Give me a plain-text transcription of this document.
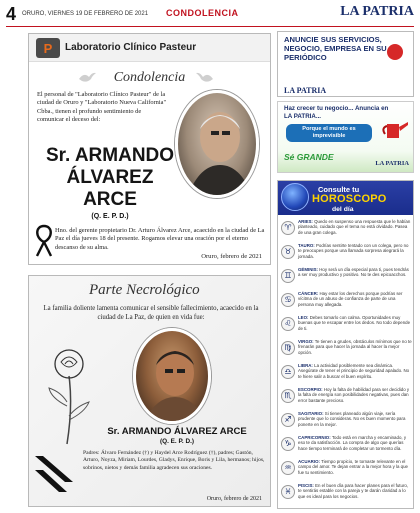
4 ORURO, VIERNES 19 DE FEBRERO DE 2021 CONDOLENCIA	LA PATRIA
P Laboratorio Clínico Pasteur
Condolencia

El personal de "Laboratorio Clínico Pasteur" de la ciudad de Oruro y "Laboratorio Nueva California" Cbba., tienen el profundo sentimiento de comunicar el deceso del:

Sr. ARMANDO
ÁLVAREZ
ARCE
(Q. E. P. D.)

Hno. del gerente propietario Dr. Arturo Álvarez Arce, acaecido en la ciudad de La Paz el día jueves 18 del presente. Rogamos elevar una oración por el eterno descanso de su alma.

Oruro, febrero de 2021
Parte Necrológico

La familia doliente lamenta comunicar el sensible fallecimiento, acaecido en la ciudad de La Paz, de quien en vida fue:

Sr. ARMANDO ÁLVAREZ ARCE
(Q. E. P. D.)

Padres: Álvaro Fernández (†) y Haydel Arce Rodríguez (†), padres; Gastón, Arturo, Noyza, Miriam, Lourdes, Gladys, Enrique, Boris y Lila, hermanos; hijos, sobrinos, nietos y demás familia agradecen sus oraciones.

Oruro, febrero de 2021
ANUNCIE SUS SERVICIOS, NEGOCIO, EMPRESA EN SU PERIÓDICO
LA PATRIA
Haz crecer tu negocio... Anuncia en LA PATRIA...
Porque el mundo es imprevisible
Sé GRANDE
LA PATRIA
Consulte tu
HOROSCOPO
del día
♈

ARIES: Quedo en suspenso una respuesta que le habían planteado, cuidado que el tema no está olvidado. Pasea de una gran colega.

♉

TAURO: Podrías sentirte tentado con un colega, pero no te preocupes porque una llamada sorpresa alegrará la jornada.

♊

GÉMINIS: Hoy será un día especial para ti, pues tendrás a ser muy productivo y positivo. No te des epicoacchos.

♋

CÁNCER: Hay estar los derechos porque podrías ser vícitma de un abuso de confianza de parte de una persona muy allegada.

♌

LEO: Debes tomarlo con calma. Oportunidades muy buenas que te escapar entre los dedos. No todo depende de ti.

♍

VIRGO: Te tienen a grudes, obstáculos mínimos que no te frenarán para que hacer la jornada al hacer la mejor opción.

♎

LIBRA: La actividad posiblemente sea dinámica. Asegúrate de tener el principio de seguridad apalado. No te hiere salir a buscar el buen espíritu.

♏

ESCORPIO: Hoy la falta de habilidad para ser decidido y la falta de energía son posibilidades negativas, pues dan error bastante precioso.

♐

SAGITARIO: Si tienes planeado algún viaje, sería prudente que lo consideras. No es buen momento para ponerte en la mejor.

♑

CAPRICORNIO: Todo está en marcha y encaminado, y eso te da satisfacción. La compra de algo que querías hace tiempo terminará de completar un tormento día.

♒

ACUARIO: Tiempo propicio, te tornaste relevante en el campo del amor. Te dejan entrar a la mejor hora y la que fue tu sentimiento.

♓

PISCIS: En el buen día para hacer planes para el futuro, te sentirás estable con la pareja y te darán claridad a lo que es ideal para los negocios.
